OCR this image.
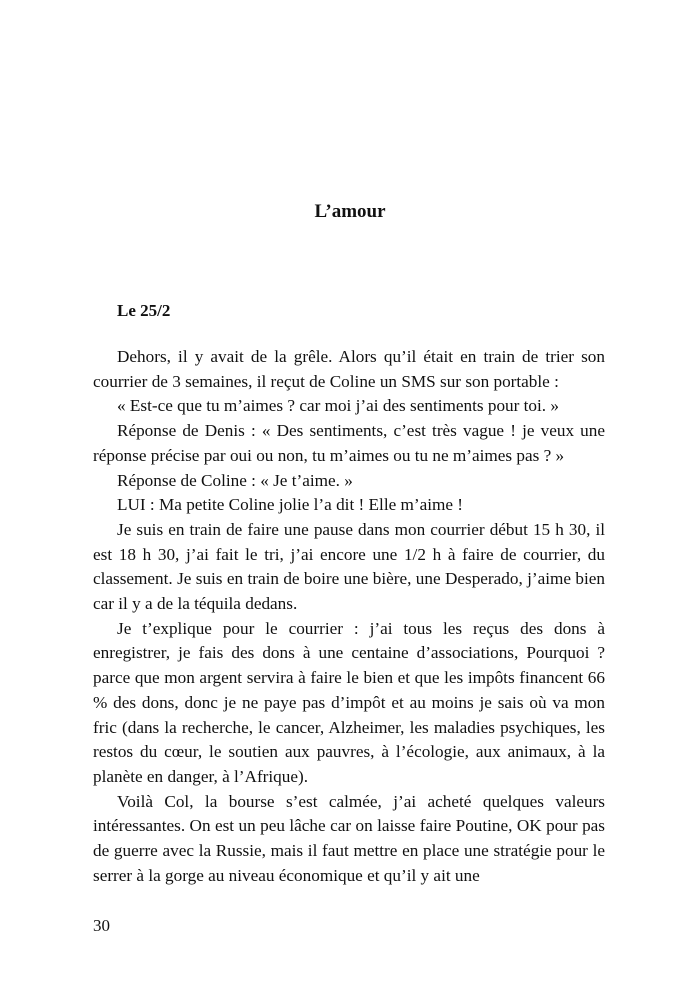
L’amour
Le 25/2

Dehors, il y avait de la grêle. Alors qu’il était en train de trier son courrier de 3 semaines, il reçut de Coline un SMS sur son portable :

« Est-ce que tu m’aimes ? car moi j’ai des sentiments pour toi. »

Réponse de Denis : « Des sentiments, c’est très vague ! je veux une réponse précise par oui ou non, tu m’aimes ou tu ne m’aimes pas ? »

Réponse de Coline : « Je t’aime. »

LUI : Ma petite Coline jolie l’a dit ! Elle m’aime !

Je suis en train de faire une pause dans mon courrier début 15 h 30, il est 18 h 30, j’ai fait le tri, j’ai encore une 1/2 h à faire de courrier, du classement. Je suis en train de boire une bière, une Desperado, j’aime bien car il y a de la téquila dedans.

Je t’explique pour le courrier : j’ai tous les reçus des dons à enregistrer, je fais des dons à une centaine d’associations, Pourquoi ? parce que mon argent servira à faire le bien et que les impôts financent 66 % des dons, donc je ne paye pas d’impôt et au moins je sais où va mon fric (dans la recherche, le cancer, Alzheimer, les maladies psychiques, les restos du cœur, le soutien aux pauvres, à l’écologie, aux animaux, à la planète en danger, à l’Afrique).

Voilà Col, la bourse s’est calmée, j’ai acheté quelques valeurs intéressantes. On est un peu lâche car on laisse faire Poutine, OK pour pas de guerre avec la Russie, mais il faut mettre en place une stratégie pour le serrer à la gorge au niveau économique et qu’il y ait une

30
